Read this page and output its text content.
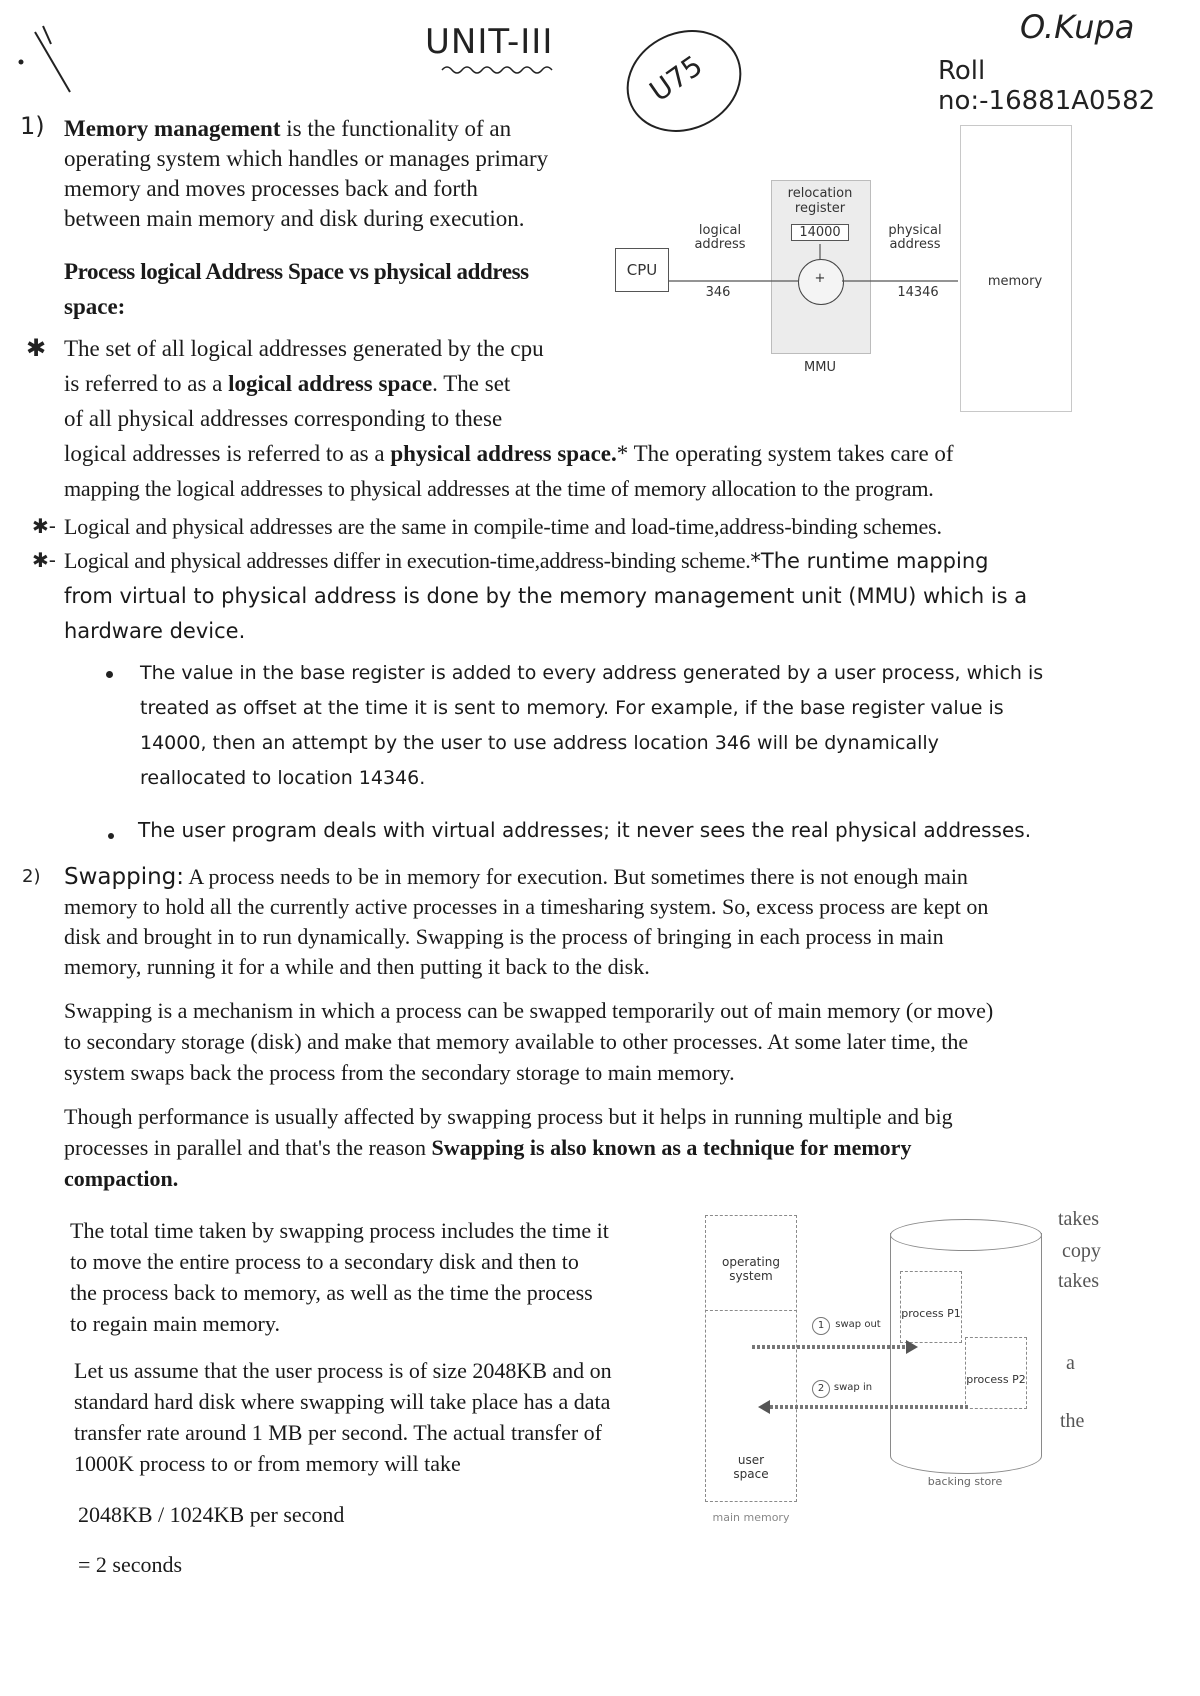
UNIT-III
U75
O.Kupa
Roll no:-16881A0582
1) Memory management is the functionality of an
operating system which handles or manages primary
memory and moves processes back and forth
between main memory and disk during execution.
Process logical Address Space vs physical address
space:
✱ The set of all logical addresses generated by the cpu
is referred to as a logical address space. The set
of all physical addresses corresponding to these
logical addresses is referred to as a physical address space.* The operating system takes care of
mapping the logical addresses to physical addresses at the time of memory allocation to the program.
✱- Logical and physical addresses are the same in compile-time and load-time,address-binding schemes.
✱- Logical and physical addresses differ in execution-time,address-binding scheme.*The runtime mapping
from virtual to physical address is done by the memory management unit (MMU) which is a
hardware device.
The value in the base register is added to every address generated by a user process, which is
treated as offset at the time it is sent to memory. For example, if the base register value is
14000, then an attempt by the user to use address location 346 will be dynamically
reallocated to location 14346.
The user program deals with virtual addresses; it never sees the real physical addresses.
relocation
register
14000
+
CPU
logical
address
346
physical
address
14346
memory
MMU
2) Swapping: A process needs to be in memory for execution. But sometimes there is not enough main
memory to hold all the currently active processes in a timesharing system. So, excess process are kept on
disk and brought in to run dynamically. Swapping is the process of bringing in each process in main
memory, running it for a while and then putting it back to the disk.
Swapping is a mechanism in which a process can be swapped temporarily out of main memory (or move)
to secondary storage (disk) and make that memory available to other processes. At some later time, the
system swaps back the process from the secondary storage to main memory.
Though performance is usually affected by swapping process but it helps in running multiple and big
processes in parallel and that's the reason Swapping is also known as a technique for memory
compaction.
The total time taken by swapping process includes the time it
to move the entire process to a secondary disk and then to
the process back to memory, as well as the time the process
to regain main memory.
Let us assume that the user process is of size 2048KB and on
standard hard disk where swapping will take place has a data
transfer rate around 1 MB per second. The actual transfer of
1000K process to or from memory will take
2048KB / 1024KB per second
= 2 seconds
takes
copy
takes
a
the
operating
system
user
space
main memory
backing store
process P1
process P2
1	swap out
2 swap in
